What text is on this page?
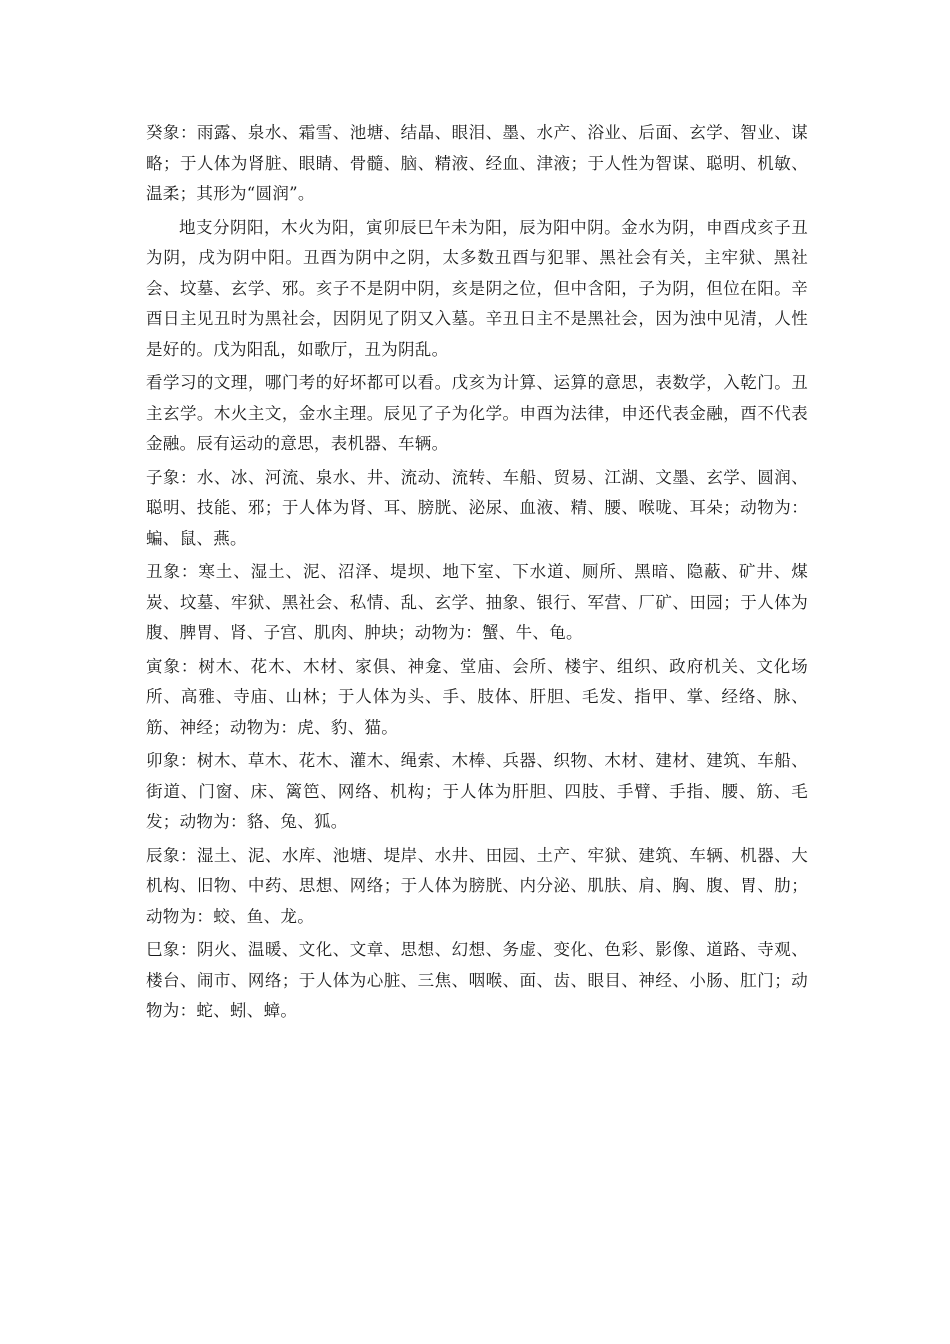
癸象：雨露、泉水、霜雪、池塘、结晶、眼泪、墨、水产、浴业、后面、玄学、智业、谋略；于人体为肾脏、眼睛、骨髓、脑、精液、经血、津液；于人性为智谋、聪明、机敏、温柔；其形为“圆润”。

地支分阴阳，木火为阳，寅卯辰巳午未为阳，辰为阳中阴。金水为阴，申酉戌亥子丑为阴，戌为阴中阳。丑酉为阴中之阴，太多数丑酉与犯罪、黑社会有关，主牢狱、黑社会、坟墓、玄学、邪。亥子不是阴中阴，亥是阴之位，但中含阳，子为阴，但位在阳。辛酉日主见丑时为黑社会，因阴见了阴又入墓。辛丑日主不是黑社会，因为浊中见清，人性是好的。戊为阳乱，如歌厅，丑为阴乱。

看学习的文理，哪门考的好坏都可以看。戊亥为计算、运算的意思，表数学，入乾门。丑主玄学。木火主文，金水主理。辰见了子为化学。申酉为法律，申还代表金融，酉不代表金融。辰有运动的意思，表机器、车辆。

子象：水、冰、河流、泉水、井、流动、流转、车船、贸易、江湖、文墨、玄学、圆润、聪明、技能、邪；于人体为肾、耳、膀胱、泌尿、血液、精、腰、喉咙、耳朵；动物为：蝙、鼠、燕。

丑象：寒土、湿土、泥、沼泽、堤坝、地下室、下水道、厕所、黑暗、隐蔽、矿井、煤炭、坟墓、牢狱、黑社会、私情、乱、玄学、抽象、银行、军营、厂矿、田园；于人体为腹、脾胃、肾、子宫、肌肉、肿块；动物为：蟹、牛、龟。

寅象：树木、花木、木材、家俱、神龛、堂庙、会所、楼宇、组织、政府机关、文化场所、高雅、寺庙、山林；于人体为头、手、肢体、肝胆、毛发、指甲、掌、经络、脉、筋、神经；动物为：虎、豹、猫。

卯象：树木、草木、花木、灌木、绳索、木棒、兵器、织物、木材、建材、建筑、车船、街道、门窗、床、篱笆、网络、机构；于人体为肝胆、四肢、手臂、手指、腰、筋、毛发；动物为：貉、兔、狐。

辰象：湿土、泥、水库、池塘、堤岸、水井、田园、土产、牢狱、建筑、车辆、机器、大机构、旧物、中药、思想、网络；于人体为膀胱、内分泌、肌肤、肩、胸、腹、胃、肋；动物为：蛟、鱼、龙。

巳象：阴火、温暖、文化、文章、思想、幻想、务虚、变化、色彩、影像、道路、寺观、楼台、闹市、网络；于人体为心脏、三焦、咽喉、面、齿、眼目、神经、小肠、肛门；动物为：蛇、蚓、蟑。
